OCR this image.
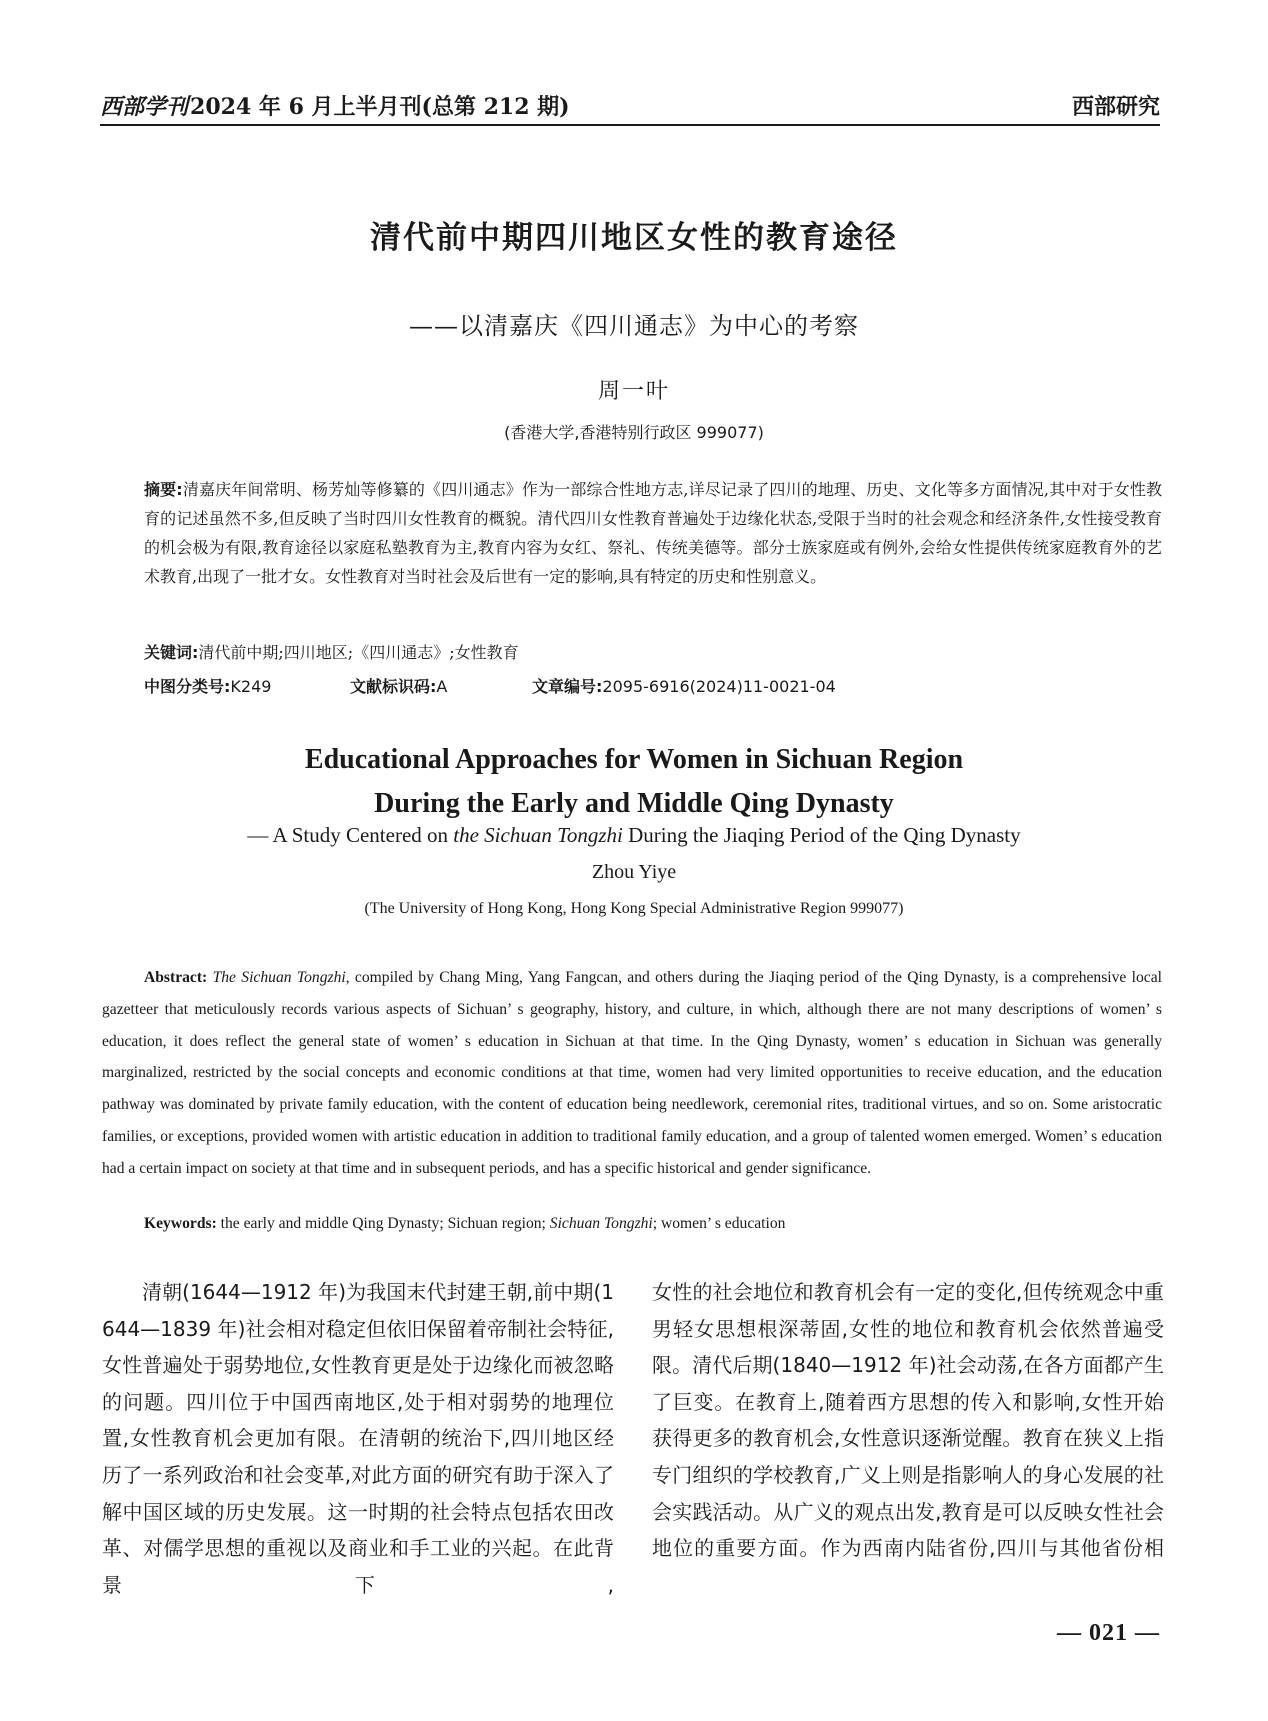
西部学刊2024 年 6 月上半月刊(总第 212 期)	西部研究
清代前中期四川地区女性的教育途径
——以清嘉庆《四川通志》为中心的考察
周一叶
(香港大学,香港特别行政区 999077)
摘要:清嘉庆年间常明、杨芳灿等修纂的《四川通志》作为一部综合性地方志,详尽记录了四川的地理、历史、文化等多方面情况,其中对于女性教育的记述虽然不多,但反映了当时四川女性教育的概貌。清代四川女性教育普遍处于边缘化状态,受限于当时的社会观念和经济条件,女性接受教育的机会极为有限,教育途径以家庭私塾教育为主,教育内容为女红、祭礼、传统美德等。部分士族家庭或有例外,会给女性提供传统家庭教育外的艺术教育,出现了一批才女。女性教育对当时社会及后世有一定的影响,具有特定的历史和性别意义。
关键词:清代前中期;四川地区;《四川通志》;女性教育
中图分类号:K249	文献标识码:A	文章编号:2095-6916(2024)11-0021-04
Educational Approaches for Women in Sichuan Region
During the Early and Middle Qing Dynasty
— A Study Centered on the Sichuan Tongzhi During the Jiaqing Period of the Qing Dynasty
Zhou Yiye
(The University of Hong Kong, Hong Kong Special Administrative Region 999077)
Abstract: The Sichuan Tongzhi, compiled by Chang Ming, Yang Fangcan, and others during the Jiaqing period of the Qing Dynasty, is a comprehensive local gazetteer that meticulously records various aspects of Sichuan’ s geography, history, and culture, in which, although there are not many descriptions of women’ s education, it does reflect the general state of women’ s education in Sichuan at that time. In the Qing Dynasty, women’ s education in Sichuan was generally marginalized, restricted by the social concepts and economic conditions at that time, women had very limited opportunities to receive education, and the education pathway was dominated by private family education, with the content of education being needlework, ceremonial rites, traditional virtues, and so on. Some aristocratic families, or exceptions, provided women with artistic education in addition to traditional family education, and a group of talented women emerged. Women’ s education had a certain impact on society at that time and in subsequent periods, and has a specific historical and gender significance.
Keywords: the early and middle Qing Dynasty; Sichuan region; Sichuan Tongzhi; women’ s education

清朝(1644—1912 年)为我国末代封建王朝,前中期(1644—1839 年)社会相对稳定但依旧保留着帝制社会特征,女性普遍处于弱势地位,女性教育更是处于边缘化而被忽略的问题。四川位于中国西南地区,处于相对弱势的地理位置,女性教育机会更加有限。在清朝的统治下,四川地区经历了一系列政治和社会变革,对此方面的研究有助于深入了解中国区域的历史发展。这一时期的社会特点包括农田改革、对儒学思想的重视以及商业和手工业的兴起。在此背景下,

女性的社会地位和教育机会有一定的变化,但传统观念中重男轻女思想根深蒂固,女性的地位和教育机会依然普遍受限。清代后期(1840—1912 年)社会动荡,在各方面都产生了巨变。在教育上,随着西方思想的传入和影响,女性开始获得更多的教育机会,女性意识逐渐觉醒。教育在狭义上指专门组织的学校教育,广义上则是指影响人的身心发展的社会实践活动。从广义的观点出发,教育是可以反映女性社会地位的重要方面。作为西南内陆省份,四川与其他省份相

— 021 —
